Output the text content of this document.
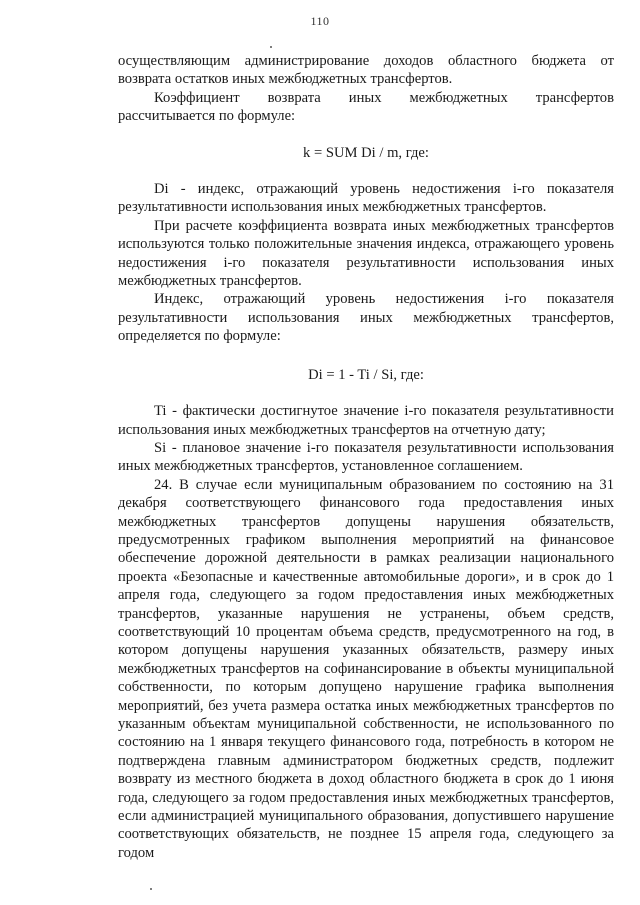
110

осуществляющим администрирование доходов областного бюджета от возврата остатков иных межбюджетных трансфертов.

Коэффициент возврата иных межбюджетных трансфертов рассчитывается по формуле:

k = SUM Di / m, где:

Di - индекс, отражающий уровень недостижения i-го показателя результативности использования иных межбюджетных трансфертов.

При расчете коэффициента возврата иных межбюджетных трансфертов используются только положительные значения индекса, отражающего уровень недостижения i-го показателя результативности использования иных межбюджетных трансфертов.

Индекс, отражающий уровень недостижения i-го показателя результативности использования иных межбюджетных трансфертов, определяется по формуле:

Di = 1 - Ti / Si, где:

Ti - фактически достигнутое значение i-го показателя результативности использования иных межбюджетных трансфертов на отчетную дату;

Si - плановое значение i-го показателя результативности использования иных межбюджетных трансфертов, установленное соглашением.

24. В случае если муниципальным образованием по состоянию на 31 декабря соответствующего финансового года предоставления иных межбюджетных трансфертов допущены нарушения обязательств, предусмотренных графиком выполнения мероприятий на финансовое обеспечение дорожной деятельности в рамках реализации национального проекта «Безопасные и качественные автомобильные дороги», и в срок до 1 апреля года, следующего за годом предоставления иных межбюджетных трансфертов, указанные нарушения не устранены, объем средств, соответствующий 10 процентам объема средств, предусмотренного на год, в котором допущены нарушения указанных обязательств, размеру иных межбюджетных трансфертов на софинансирование в объекты муниципальной собственности, по которым допущено нарушение графика выполнения мероприятий, без учета размера остатка иных межбюджетных трансфертов по указанным объектам муниципальной собственности, не использованного по состоянию на 1 января текущего финансового года, потребность в котором не подтверждена главным администратором бюджетных средств, подлежит возврату из местного бюджета в доход областного бюджета в срок до 1 июня года, следующего за годом предоставления иных межбюджетных трансфертов, если администрацией муниципального образования, допустившего нарушение соответствующих обязательств, не позднее 15 апреля года, следующего за годом
